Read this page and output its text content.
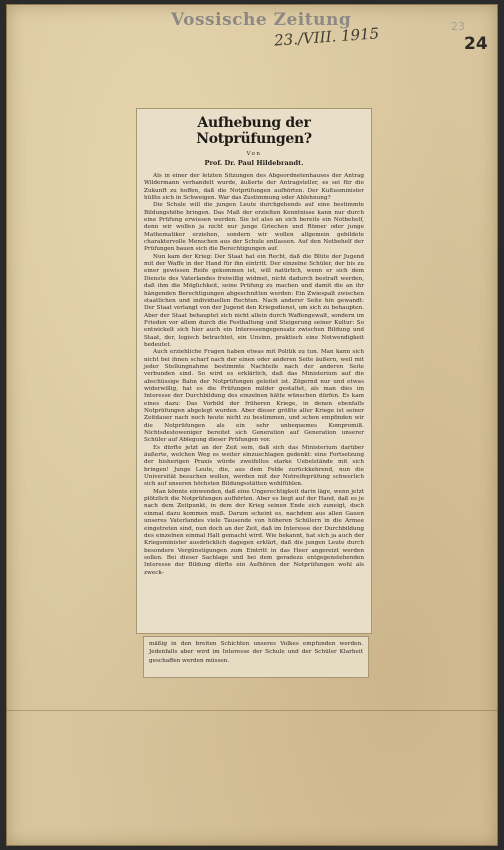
Vossische Zeitung
23./VIII. 1915	23
24
Aufhebung der Notprüfungen?
Von
Prof. Dr. Paul Hildebrandt.

Als in einer der letzten Sitzungen des Abgeordnetenhauses der Antrag Wildermann verhandelt wurde, äußerte der Antragsteller, es sei für die Zukunft zu hoffen, daß die Notprüfungen aufhörten. Der Kultusminister hüllte sich in Schweigen. War das Zustimmung oder Ablehnung?

Die Schule will die jungen Leute durchgehends auf eine bestimmte Bildungshöhe bringen. Das Maß der erzielten Kenntnisse kann nur durch eine Prüfung erwiesen werden. Sie ist also an sich bereits ein Notbehelf, denn wir wollen ja nicht nur junge Griechen und Römer oder junge Mathematiker erziehen, sondern wir wollen allgemein gebildete charaktervolle Menschen aus der Schule entlassen. Auf den Notbehelf der Prüfungen bauen sich die Berechtigungen auf.

Nun kam der Krieg: Der Staat hat ein Recht, daß die Blüte der Jugend mit der Waffe in der Hand für ihn eintritt. Der einzelne Schüler, der bis zu einer gewissen Reife gekommen ist, will natürlich, wenn er sich dem Dienste des Vaterlandes freiwillig widmet, nicht dadurch bestraft werden, daß ihm die Möglichkeit, seine Prüfung zu machen und damit die an ihr hängenden Berechtigungen abgeschnitten werden: Ein Zwiespalt zwischen staatlichen und individuellen Rechten. Nach anderer Seite hin gewandt: Der Staat verlangt von der Jugend den Kriegsdienst, um sich zu behaupten. Aber der Staat behauptet sich nicht allein durch Waffengewalt, sondern im Frieden vor allem durch die Festhaltung und Steigerung seiner Kultur: So entwickelt sich hier auch ein Interessengegensatz zwischen Bildung und Staat, der, logisch betrachtet, ein Unsinn, praktisch eine Notwendigkeit bedeutet.

Auch erziehliche Fragen haben etwas mit Politik zu tun. Man kann sich nicht bei ihnen scharf nach der einen oder anderen Seite äußern, weil mit jeder Stellungnahme bestimmte Nachteile nach der anderen Seite verbunden sind. So wird es erklärlich, daß das Ministerium auf die abschüssige Bahn der Notprüfungen geleitet ist. Zögernd nur und etwas widerwillig, hat es die Prüfungen milder gestaltet, als man dies im Interesse der Durchbildung des einzelnen hätte wünschen dürfen. Es kam eines dazu: Das Vorbild der früheren Kriege, in denen ebenfalls Notprüfungen abgelegt wurden. Aber dieser größte aller Kriege ist seiner Zeitdauer nach noch heute nicht zu bestimmen, und schon empfinden wir die Notprüfungen als ein sehr unbequemes Kompromiß. Nichtsdestoweniger bereitet sich Generation auf Generation unserer Schüler auf Ablegung dieser Prüfungen vor.

Es dürfte jetzt an der Zeit sein, daß sich das Ministerium darüber äußerte, welchen Weg es weiter einzuschlagen gedenkt: eine Fortsetzung der bisherigen Praxis würde zweifellos starke Uebelstände mit sich bringen! Junge Leute, die, aus dem Felde zurückkehrend, nun die Universität besuchen wollen, werden mit der Notreifeprüfung schwerlich sich auf unseren höchsten Bildungsstätten wohlfühlen.

Man könnte einwenden, daß eine Ungerechtigkeit darin läge, wenn jetzt plötzlich die Notprüfungen aufhörten. Aber es liegt auf der Hand, daß es je nach dem Zeitpunkt, in dem der Krieg seinen Ende sich zuneigt, doch einmal dazu kommen muß. Darum scheint es, nachdem aus allen Gauen unseres Vaterlandes viele Tausende von höheren Schülern in die Armee eingetreten sind, nun doch an der Zeit, daß im Interesse der Durchbildung des einzelnen einmal Halt gemacht wird. Wie bekannt, hat sich ja auch der Kriegsminister ausdrücklich dagegen erklärt, daß die jungen Leute durch besondere Vergünstigungen zum Eintritt in das Heer angereizt werden sollen. Bei dieser Sachlage und bei dem geradezu entgegenstehenden Interesse der Bildung dürfte ein Aufhören der Notprüfungen wohl als zweck-

mäßig in den breiten Schichten unseres Volkes empfunden werden. Jedenfalls aber wird im Interesse der Schule und der Schüler Klarheit geschaffen werden müssen.
